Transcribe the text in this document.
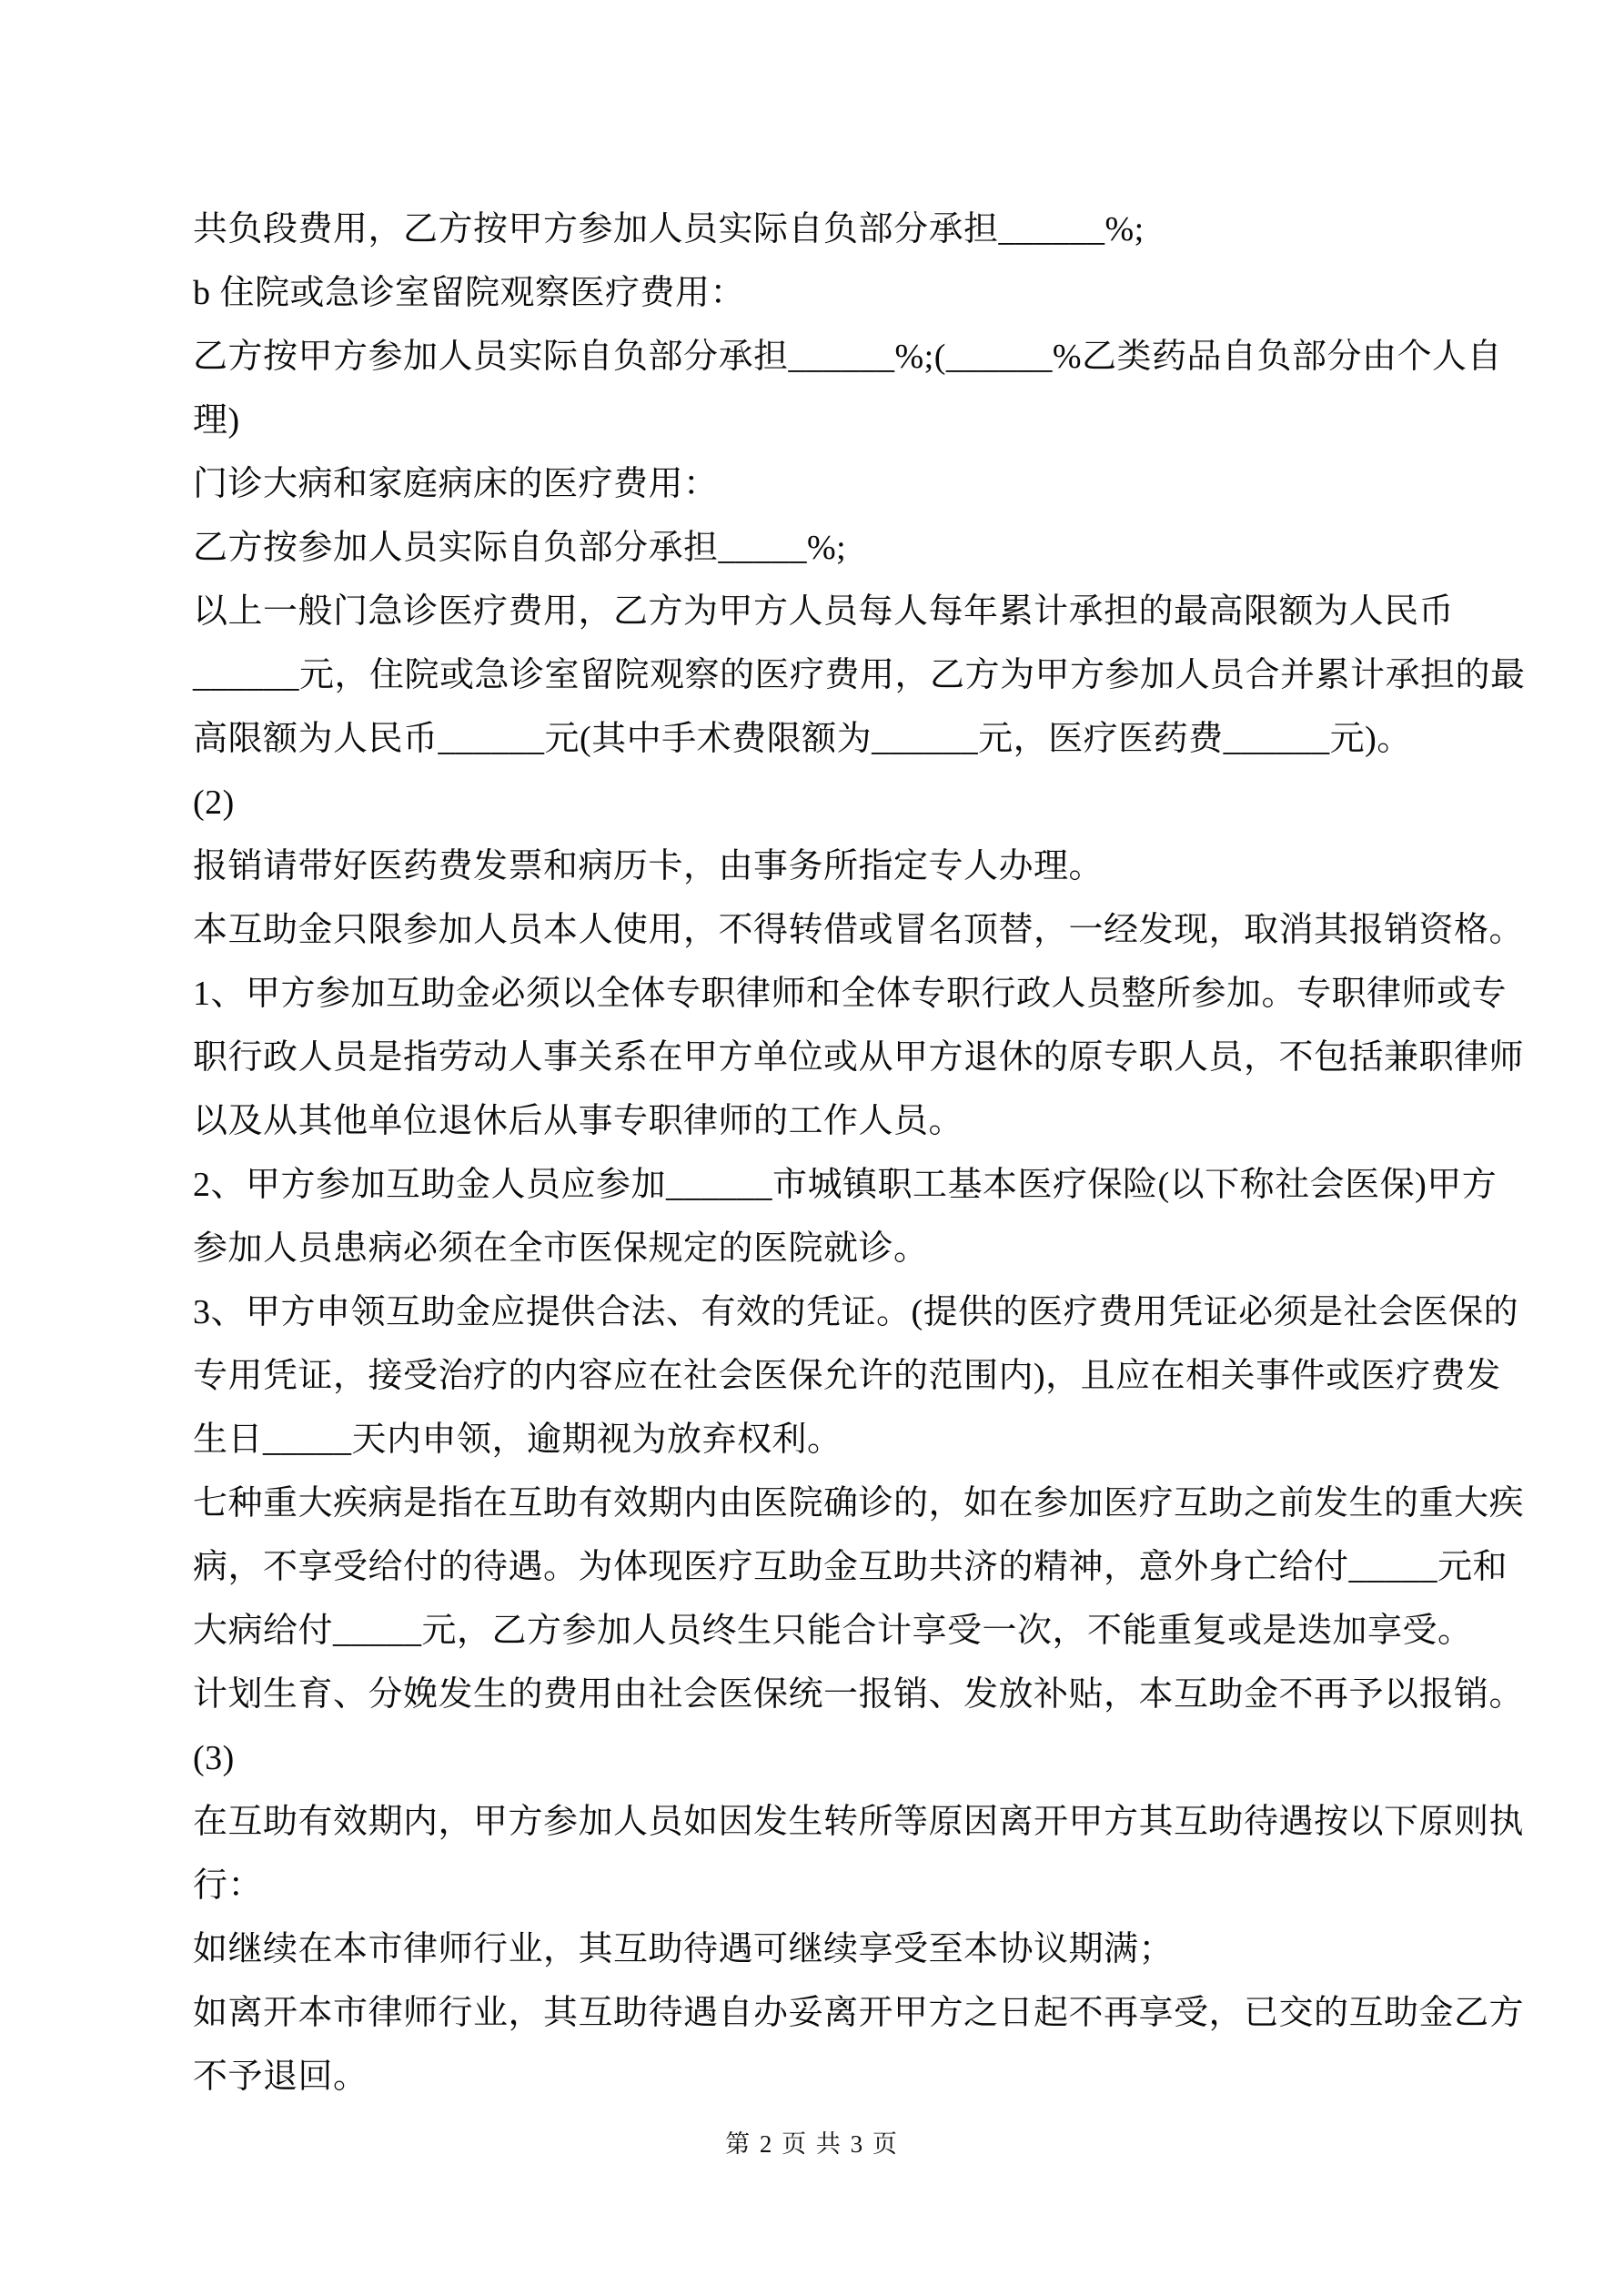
共负段费用，乙方按甲方参加人员实际自负部分承担______%;
b 住院或急诊室留院观察医疗费用：
乙方按甲方参加人员实际自负部分承担______%;(______%乙类药品自负部分由个人自
理)
门诊大病和家庭病床的医疗费用：
乙方按参加人员实际自负部分承担_____%;
以上一般门急诊医疗费用，乙方为甲方人员每人每年累计承担的最高限额为人民币
______元，住院或急诊室留院观察的医疗费用，乙方为甲方参加人员合并累计承担的最
高限额为人民币______元(其中手术费限额为______元，医疗医药费______元)。
(2)
报销请带好医药费发票和病历卡，由事务所指定专人办理。
本互助金只限参加人员本人使用，不得转借或冒名顶替，一经发现，取消其报销资格。
1、甲方参加互助金必须以全体专职律师和全体专职行政人员整所参加。专职律师或专
职行政人员是指劳动人事关系在甲方单位或从甲方退休的原专职人员，不包括兼职律师
以及从其他单位退休后从事专职律师的工作人员。
2、甲方参加互助金人员应参加______市城镇职工基本医疗保险(以下称社会医保)甲方
参加人员患病必须在全市医保规定的医院就诊。
3、甲方申领互助金应提供合法、有效的凭证。(提供的医疗费用凭证必须是社会医保的
专用凭证，接受治疗的内容应在社会医保允许的范围内)，且应在相关事件或医疗费发
生日_____天内申领，逾期视为放弃权利。
七种重大疾病是指在互助有效期内由医院确诊的，如在参加医疗互助之前发生的重大疾
病，不享受给付的待遇。为体现医疗互助金互助共济的精神，意外身亡给付_____元和
大病给付_____元，乙方参加人员终生只能合计享受一次，不能重复或是迭加享受。
计划生育、分娩发生的费用由社会医保统一报销、发放补贴，本互助金不再予以报销。
(3)
在互助有效期内，甲方参加人员如因发生转所等原因离开甲方其互助待遇按以下原则执
行：
如继续在本市律师行业，其互助待遇可继续享受至本协议期满；
如离开本市律师行业，其互助待遇自办妥离开甲方之日起不再享受，已交的互助金乙方
不予退回。
第 2 页 共 3 页
